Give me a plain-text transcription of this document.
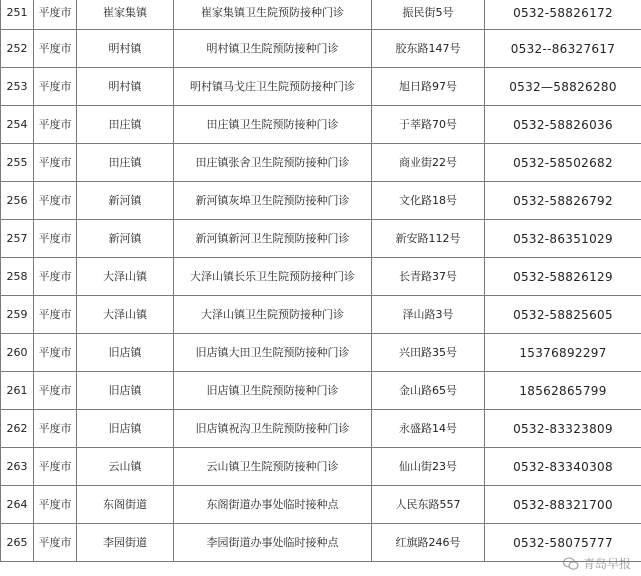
251	平度市	崔家集镇	崔家集镇卫生院预防接种门诊	振民街5号	0532-58826172
252	平度市	明村镇	明村镇卫生院预防接种门诊	胶东路147号	0532--86327617
253	平度市	明村镇	明村镇马戈庄卫生院预防接种门诊	旭日路97号	0532—58826280
254	平度市	田庄镇	田庄镇卫生院预防接种门诊	于莘路70号	0532-58826036
255	平度市	田庄镇	田庄镇张舍卫生院预防接种门诊	商业街22号	0532-58502682
256	平度市	新河镇	新河镇灰埠卫生院预防接种门诊	文化路18号	0532-58826792
257	平度市	新河镇	新河镇新河卫生院预防接种门诊	新安路112号	0532-86351029
258	平度市	大泽山镇	大泽山镇长乐卫生院预防接种门诊	长青路37号	0532-58826129
259	平度市	大泽山镇	大泽山镇卫生院预防接种门诊	泽山路3号	0532-58825605
260	平度市	旧店镇	旧店镇大田卫生院预防接种门诊	兴田路35号	15376892297
261	平度市	旧店镇	旧店镇卫生院预防接种门诊	金山路65号	18562865799
262	平度市	旧店镇	旧店镇祝沟卫生院预防接种门诊	永盛路14号	0532-83323809
263	平度市	云山镇	云山镇卫生院预防接种门诊	仙山街23号	0532-83340308
264	平度市	东阁街道	东阁街道办事处临时接种点	人民东路557	0532-88321700
265	平度市	李园街道	李园街道办事处临时接种点	红旗路246号	0532-58075777
青岛早报
